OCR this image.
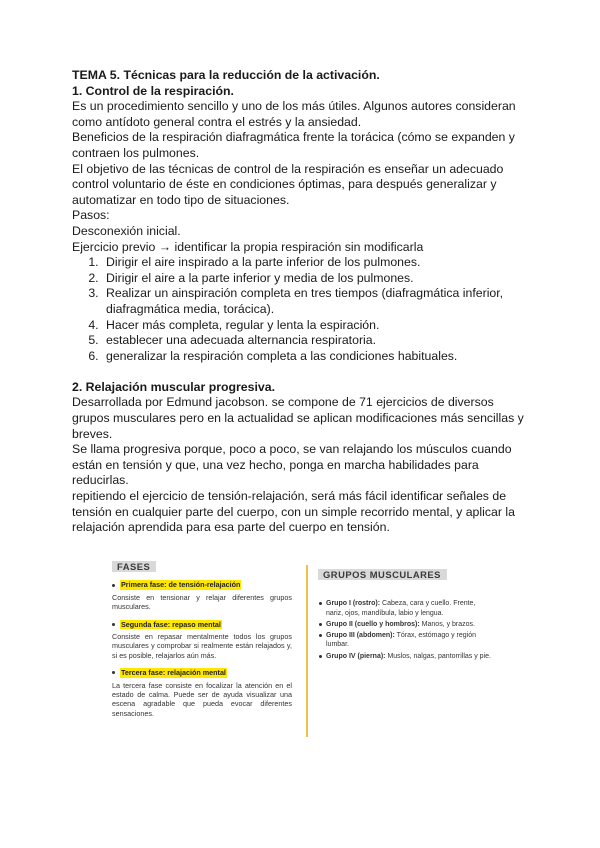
TEMA 5. Técnicas para la reducción de la activación.

1. Control de la respiración.

Es un procedimiento sencillo y uno de los más útiles. Algunos autores consideran como antídoto general contra el estrés y la ansiedad.

Beneficios de la respiración diafragmática frente la torácica (cómo se expanden y contraen los pulmones.

El objetivo de las técnicas de control de la respiración es enseñar un adecuado control voluntario de éste en condiciones óptimas, para después generalizar y automatizar en todo tipo de situaciones.

Pasos:

Desconexión inicial.

Ejercicio previo → identificar la propia respiración sin modificarla

1. Dirigir el aire inspirado a la parte inferior de los pulmones.
2. Dirigir el aire a la parte inferior y media de los pulmones.
3. Realizar un ainspiración completa en tres tiempos (diafragmática inferior, diafragmática media, torácica).
4. Hacer más completa, regular y lenta la espiración.
5. establecer una adecuada alternancia respiratoria.
6. generalizar la respiración completa a las condiciones habituales.

2. Relajación muscular progresiva.

Desarrollada por Edmund jacobson. se compone de 71 ejercicios de diversos grupos musculares pero en la actualidad se aplican modificaciones más sencillas y breves.

Se llama progresiva porque, poco a poco, se van relajando los músculos cuando están en tensión y que, una vez hecho, ponga en marcha habilidades para reducirlas.

repitiendo el ejercicio de tensión-relajación, será más fácil identificar señales de tensión en cualquier parte del cuerpo, con un simple recorrido mental, y aplicar la relajación aprendida para esa parte del cuerpo en tensión.

FASES
Primera fase: de tensión-relajación
Consiste en tensionar y relajar diferentes grupos musculares.
Segunda fase: repaso mental
Consiste en repasar mentalmente todos los grupos musculares y comprobar si realmente están relajados y, si es posible, relajarlos aún más.
Tercera fase: relajación mental
La tercera fase consiste en focalizar la atención en el estado de calma. Puede ser de ayuda visualizar una escena agradable que pueda evocar diferentes sensaciones.
GRUPOS MUSCULARES
Grupo I (rostro): Cabeza, cara y cuello. Frente, nariz, ojos, mandíbula, labio y lengua.
Grupo II (cuello y hombros): Manos, y brazos.
Grupo III (abdomen): Tórax, estómago y región lumbar.
Grupo IV (pierna): Muslos, nalgas, pantorrillas y pie.
